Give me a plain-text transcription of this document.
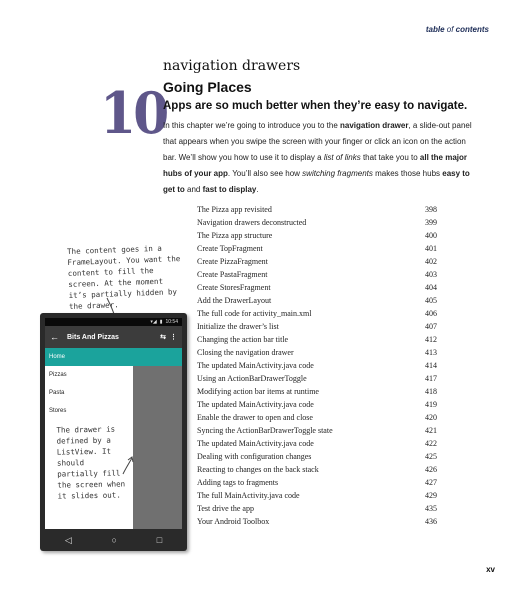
table of contents
10
navigation drawers
Going Places
Apps are so much better when they’re easy to navigate.
In this chapter we’re going to introduce you to the navigation drawer, a slide-out panel that appears when you swipe the screen with your finger or click an icon on the action bar. We’ll show you how to use it to display a list of links that take you to all the major hubs of your app. You’ll also see how switching fragments makes those hubs easy to get to and fast to display.
The Pizza app revisited	398
Navigation drawers deconstructed	399
The Pizza app structure	400
Create TopFragment	401
Create PizzaFragment	402
Create PastaFragment	403
Create StoresFragment	404
Add the DrawerLayout	405
The full code for activity_main.xml	406
Initialize the drawer’s list	407
Changing the action bar title	412
Closing the navigation drawer	413
The updated MainActivity.java code	414
Using an ActionBarDrawerToggle	417
Modifying action bar items at runtime	418
The updated MainActivity.java code	419
Enable the drawer to open and close	420
Syncing the ActionBarDrawerToggle state	421
The updated MainActivity.java code	422
Dealing with configuration changes	425
Reacting to changes on the back stack	426
Adding tags to fragments	427
The full MainActivity.java code	429
Test drive the app	435
Your Android Toolbox	436
The content goes in a FrameLayout. You want the content to fill the screen. At the moment it’s partially hidden by the drawer.
▾◢ ▮ 10:54
← Bits And Pizzas	⇆ ⋮
Home
Pizzas
Pasta
Stores
◁	○	□
The drawer is defined by a ListView. It should partially fill the screen when it slides out.
xv
